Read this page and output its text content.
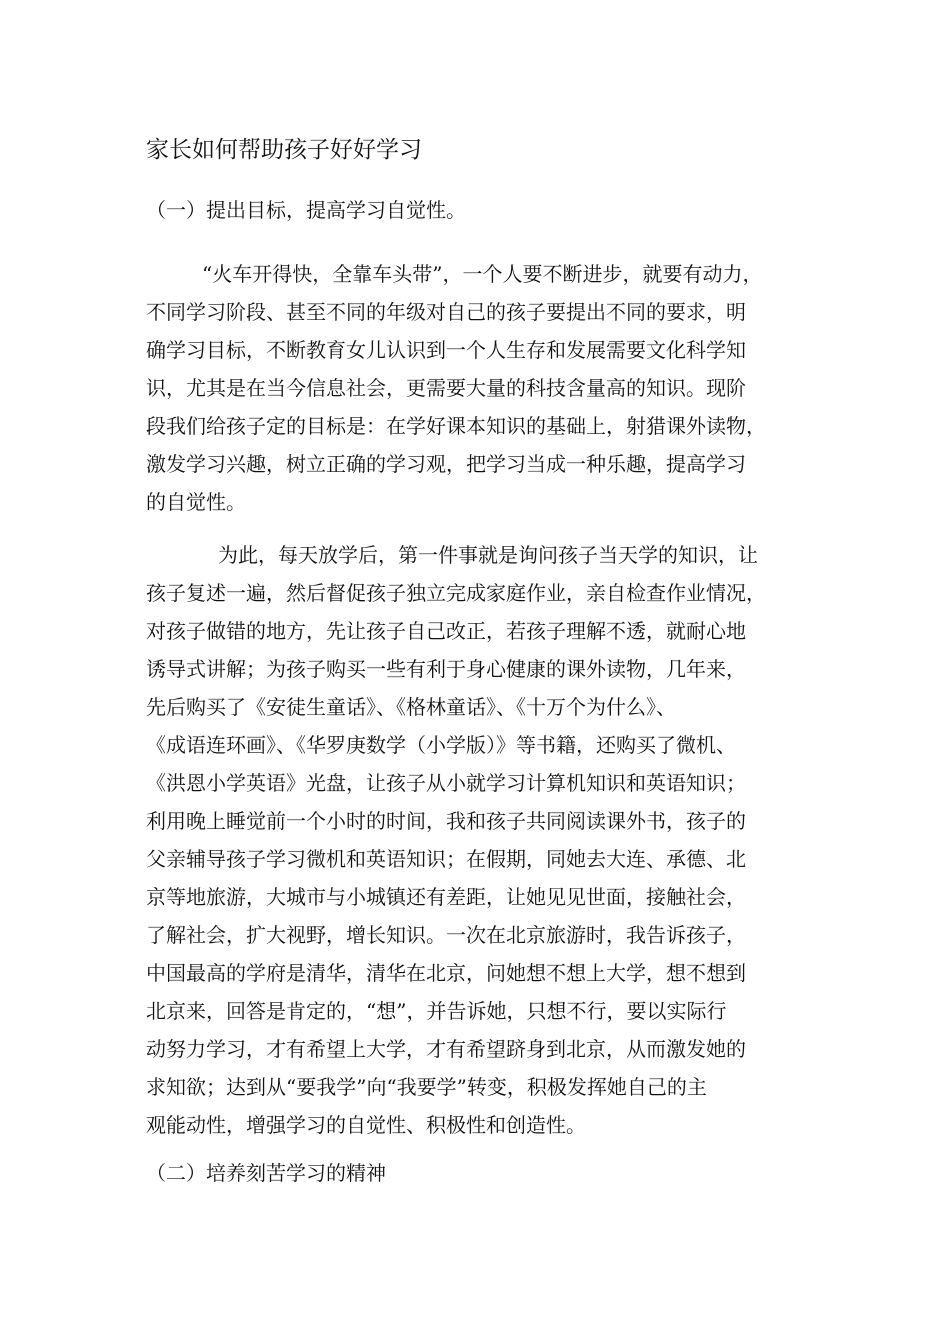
家长如何帮助孩子好好学习
（一）提出目标，提高学习自觉性。
“火车开得快，全靠车头带”，一个人要不断进步，就要有动力，
不同学习阶段、甚至不同的年级对自己的孩子要提出不同的要求，明
确学习目标，不断教育女儿认识到一个人生存和发展需要文化科学知
识，尤其是在当今信息社会，更需要大量的科技含量高的知识。现阶
段我们给孩子定的目标是：在学好课本知识的基础上，射猎课外读物，
激发学习兴趣，树立正确的学习观，把学习当成一种乐趣，提高学习
的自觉性。
为此，每天放学后，第一件事就是询问孩子当天学的知识，让
孩子复述一遍，然后督促孩子独立完成家庭作业，亲自检查作业情况，
对孩子做错的地方，先让孩子自己改正，若孩子理解不透，就耐心地
诱导式讲解；为孩子购买一些有利于身心健康的课外读物，几年来，
先后购买了《安徒生童话》、《格林童话》、《十万个为什么》、
《成语连环画》、《华罗庚数学（小学版）》等书籍，还购买了微机、
《洪恩小学英语》光盘，让孩子从小就学习计算机知识和英语知识；
利用晚上睡觉前一个小时的时间，我和孩子共同阅读课外书，孩子的
父亲辅导孩子学习微机和英语知识；在假期，同她去大连、承德、北
京等地旅游，大城市与小城镇还有差距，让她见见世面，接触社会，
了解社会，扩大视野，增长知识。一次在北京旅游时，我告诉孩子，
中国最高的学府是清华，清华在北京，问她想不想上大学，想不想到
北京来，回答是肯定的，“想”，并告诉她，只想不行，要以实际行
动努力学习，才有希望上大学，才有希望跻身到北京，从而激发她的
求知欲；达到从“要我学”向“我要学”转变，积极发挥她自己的主
观能动性，增强学习的自觉性、积极性和创造性。
（二）培养刻苦学习的精神
